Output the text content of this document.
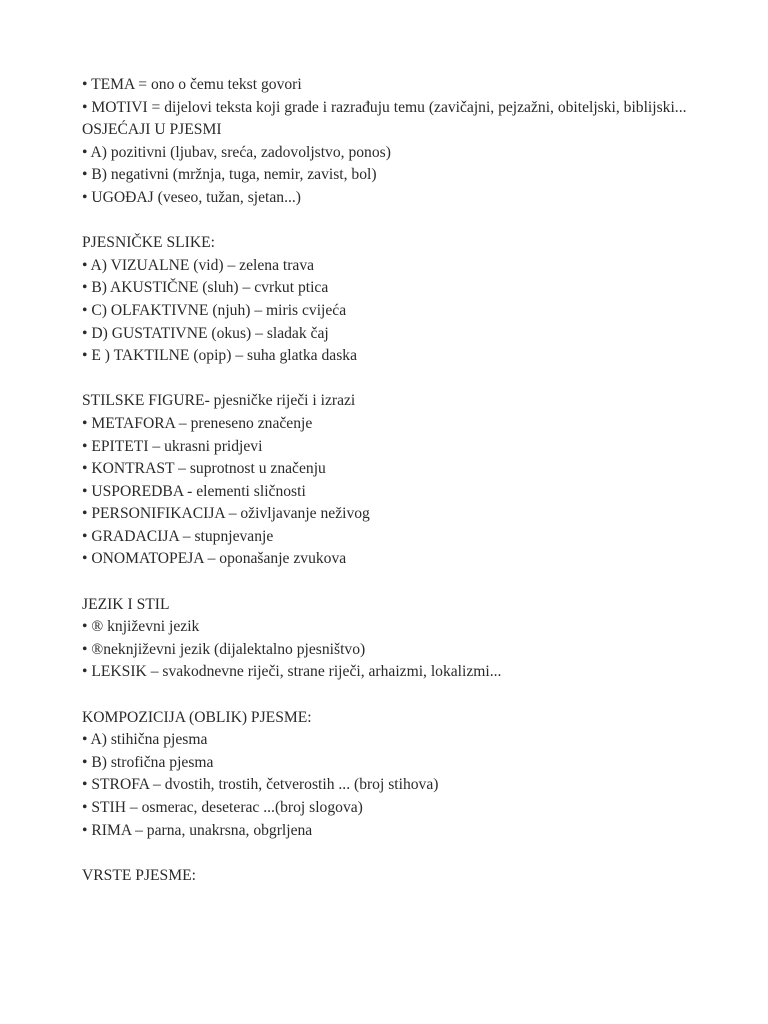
• TEMA = ono o čemu tekst govori

• MOTIVI = dijelovi teksta koji grade i razrađuju temu (zavičajni, pejzažni, obiteljski, biblijski...

OSJEĆAJI U PJESMI

• A) pozitivni (ljubav, sreća, zadovoljstvo, ponos)

• B) negativni (mržnja, tuga, nemir, zavist, bol)

• UGOĐAJ (veseo, tužan, sjetan...)

PJESNIČKE SLIKE:

• A) VIZUALNE (vid) – zelena trava

• B) AKUSTIČNE (sluh) – cvrkut ptica

• C) OLFAKTIVNE (njuh) – miris cvijeća

• D) GUSTATIVNE (okus) – sladak čaj

• E ) TAKTILNE (opip) – suha glatka daska

STILSKE FIGURE- pjesničke riječi i izrazi

• METAFORA – preneseno značenje

• EPITETI – ukrasni pridjevi

• KONTRAST – suprotnost u značenju

• USPOREDBA - elementi sličnosti

• PERSONIFIKACIJA – oživljavanje neživog

• GRADACIJA – stupnjevanje

• ONOMATOPEJA – oponašanje zvukova

JEZIK I STIL

• ® književni jezik

• ®neknjiževni jezik (dijalektalno pjesništvo)

• LEKSIK – svakodnevne riječi, strane riječi, arhaizmi, lokalizmi...

KOMPOZICIJA (OBLIK) PJESME:

• A) stihična pjesma

• B) strofična pjesma

• STROFA – dvostih, trostih, četverostih ... (broj stihova)

• STIH – osmerac, deseterac ...(broj slogova)

• RIMA – parna, unakrsna, obgrljena

VRSTE PJESME:
